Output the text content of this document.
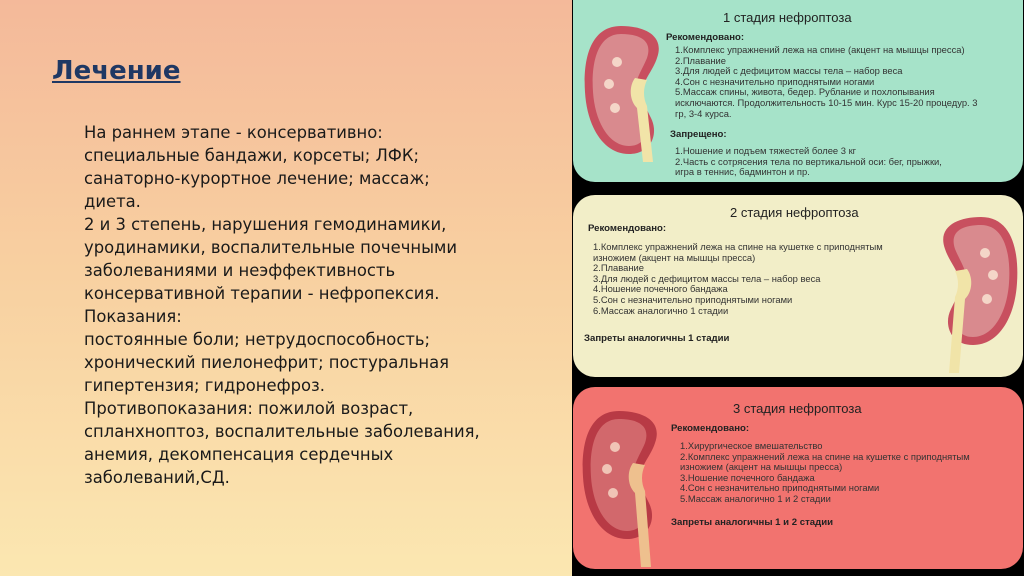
Лечение
На раннем этапе - консервативно:
специальные бандажи, корсеты; ЛФК;
санаторно-курортное лечение; массаж;
диета.
2 и 3 степень, нарушения гемодинамики,
уродинамики, воспалительные почечными
заболеваниями и неэффективность
консервативной терапии - нефропексия.
Показания:
постоянные боли; нетрудоспособность;
хронический пиелонефрит; постуральная
гипертензия; гидронефроз.
Противопоказания: пожилой возраст,
спланхноптоз, воспалительные заболевания,
анемия, декомпенсация сердечных
заболеваний,СД.
1 стадия нефроптоза
Рекомендовано:
1.Комплекс упражнений лежа на спине (акцент на мышцы пресса)
2.Плавание
3.Для людей с дефицитом массы тела – набор веса
4.Сон с незначительно приподнятыми ногами
5.Массаж спины, живота, бедер. Рублание и похлопывания
исключаются. Продолжительность 10-15 мин. Курс 15-20 процедур. 3
гр, 3-4 курса.
Запрещено:
1.Ношение и подъем тяжестей более 3 кг
2.Часть с сотрясения тела по вертикальной оси: бег, прыжки,
игра в теннис, бадминтон и пр.
2 стадия нефроптоза
Рекомендовано:
1.Комплекс упражнений лежа на спине на кушетке с приподнятым
изножием (акцент на мышцы пресса)
2.Плавание
3.Для людей с дефицитом массы тела – набор веса
4.Ношение почечного бандажа
5.Сон с незначительно приподнятыми ногами
6.Массаж аналогично 1 стадии
Запреты аналогичны 1 стадии
3 стадия нефроптоза
Рекомендовано:
1.Хирургическое вмешательство
2.Комплекс упражнений лежа на спине на кушетке с приподнятым
изножием (акцент на мышцы пресса)
3.Ношение почечного бандажа
4.Сон с незначительно приподнятыми ногами
5.Массаж аналогично 1 и 2 стадии
Запреты аналогичны 1 и 2 стадии
